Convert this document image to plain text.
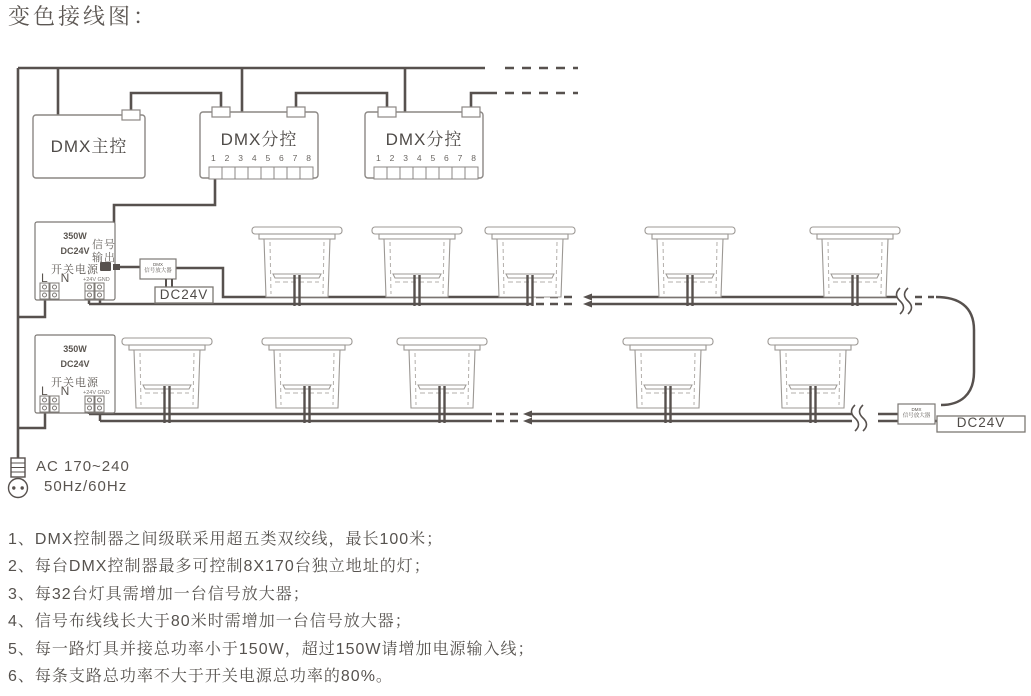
变色接线图：
DMX主控	DMX分控	DMX分控
1 2 3 4 5 6 7 8	1 2 3 4 5 6 7 8
350W
DC24V
开关电源
L N +24V GND
350W
DC24V
开关电源
L N +24V GND
信号
输出
DMX
信号放大器
DMX
信号放大器
DC24V
DC24V
AC 170~240
50Hz/60Hz

1、DMX控制器之间级联采用超五类双绞线，最长100米；

2、每台DMX控制器最多可控制8X170台独立地址的灯；

3、每32台灯具需增加一台信号放大器；

4、信号布线线长大于80米时需增加一台信号放大器；

5、每一路灯具并接总功率小于150W，超过150W请增加电源输入线；

6、每条支路总功率不大于开关电源总功率的80%。
